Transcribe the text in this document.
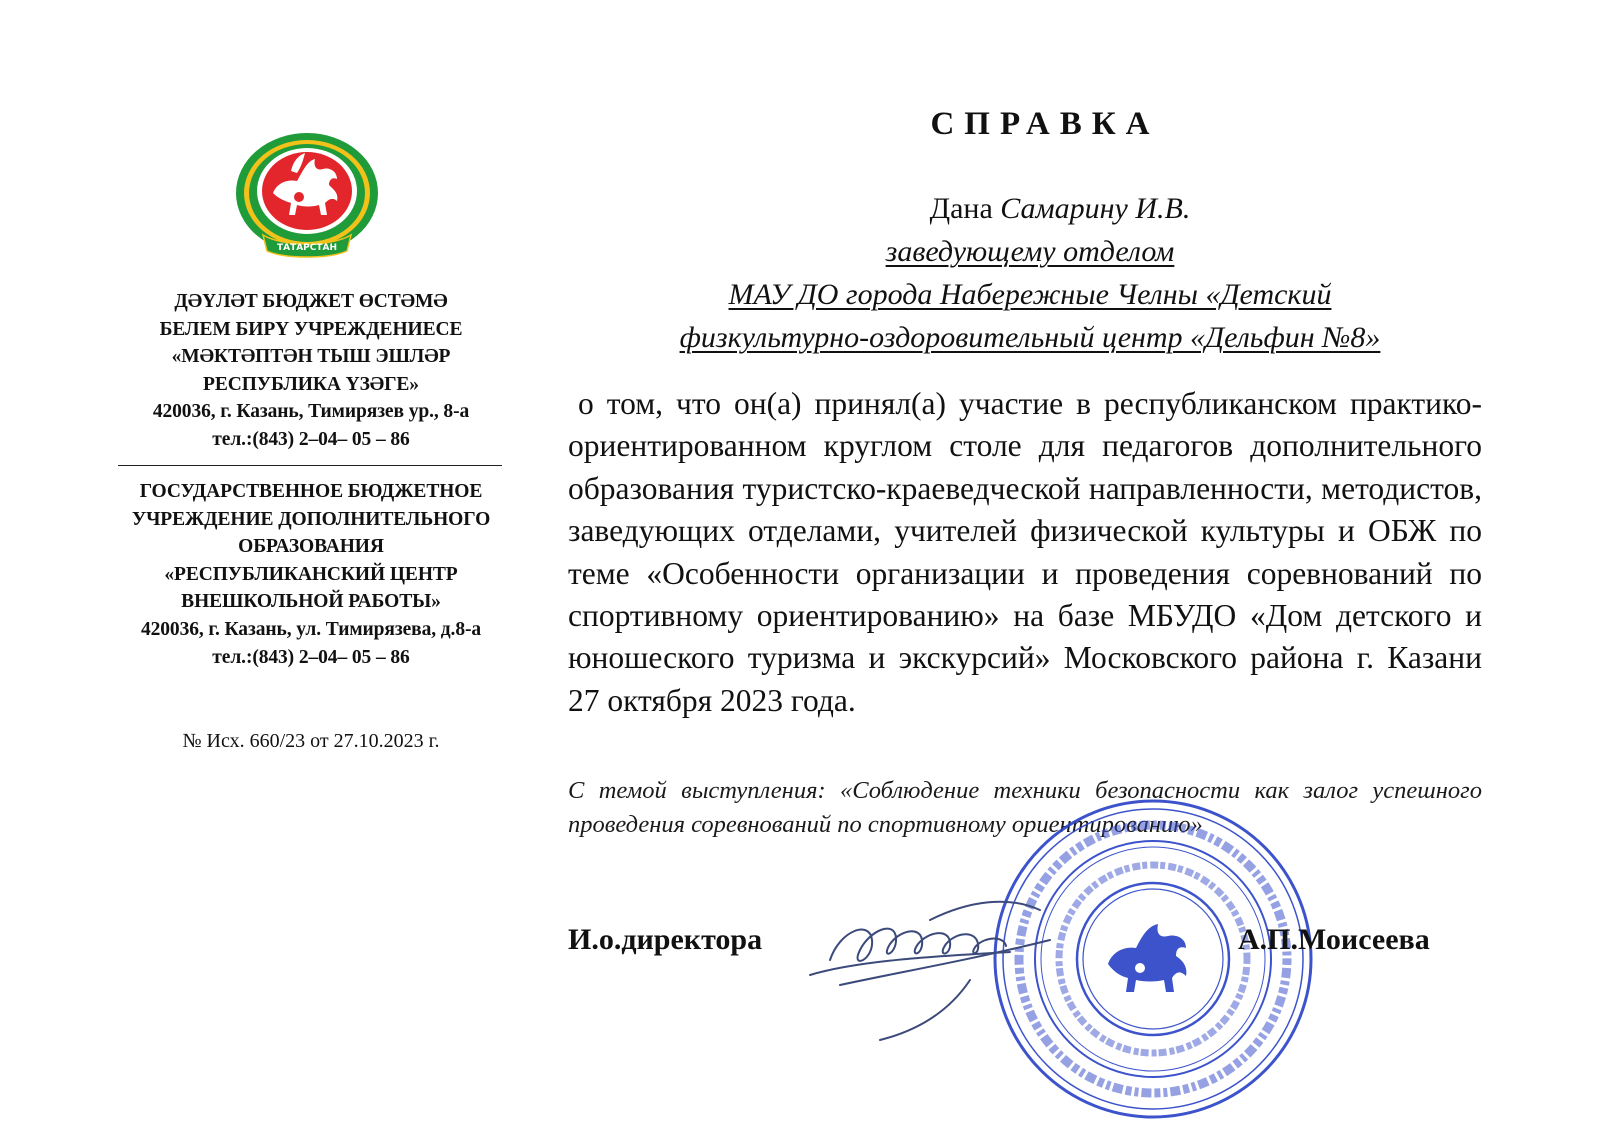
ТАТАРСТАН
ДӘҮЛӘТ БЮДЖЕТ ӨСТӘМӘ
БЕЛЕМ БИРҮ УЧРЕЖДЕНИЕСЕ
«МӘКТӘПТӘН ТЫШ ЭШЛӘР
РЕСПУБЛИКА ҮЗӘГЕ»
420036, г. Казань, Тимирязев ур., 8-а
тел.:(843) 2–04– 05 – 86
ГОСУДАРСТВЕННОЕ БЮДЖЕТНОЕ
УЧРЕЖДЕНИЕ ДОПОЛНИТЕЛЬНОГО
ОБРАЗОВАНИЯ
«РЕСПУБЛИКАНСКИЙ ЦЕНТР
ВНЕШКОЛЬНОЙ РАБОТЫ»
420036, г. Казань, ул. Тимирязева, д.8-а
тел.:(843) 2–04– 05 – 86
№ Исх. 660/23 от 27.10.2023 г.
СПРАВКА
Дана Самарину И.В.
заведующему отделом
МАУ ДО города Набережные Челны «Детский
физкультурно-оздоровительный центр «Дельфин №8»
о том, что он(а) принял(а) участие в республиканском практико-ориентированном круглом столе для педагогов дополнительного образования туристско-краеведческой направленности, методистов, заведующих отделами, учителей физической культуры и ОБЖ по теме «Особенности организации и проведения соревнований по спортивному ориентированию» на базе МБУДО «Дом детского и юношеского туризма и экскурсий» Московского района г. Казани 27 октября 2023 года.
С темой выступления: «Соблюдение техники безопасности как залог успешного проведения соревнований по спортивному ориентированию»
И.о.директора	А.П.Моисеева
